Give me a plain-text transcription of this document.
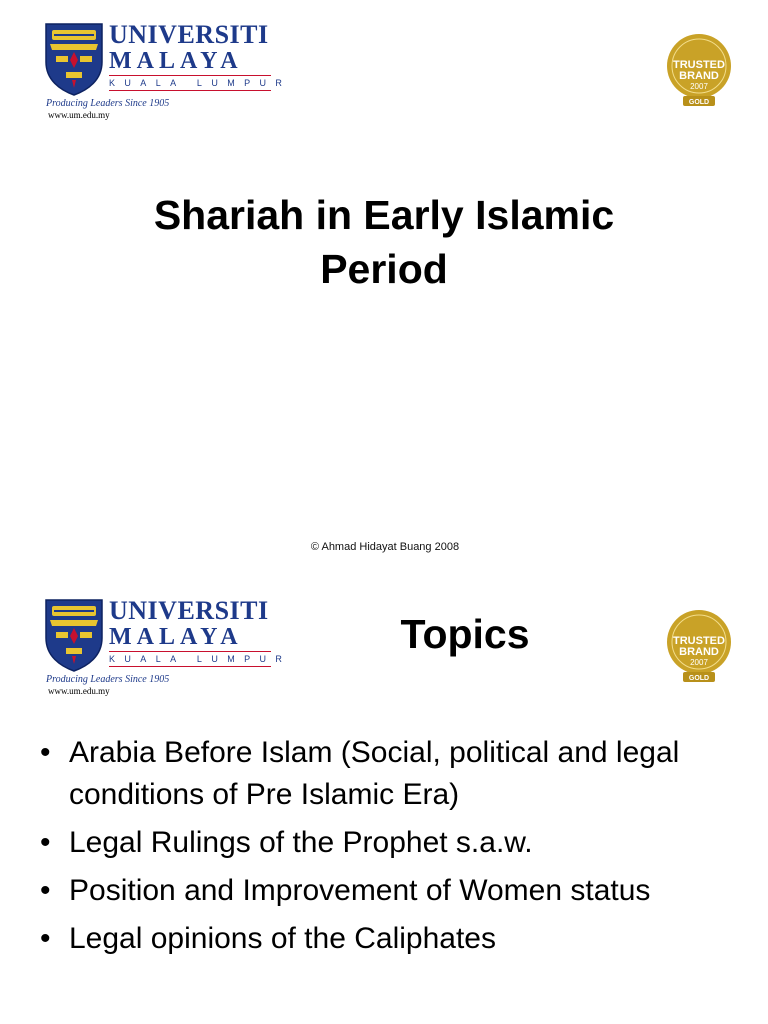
UNIVERSITI
MALAYA
KUALA LUMPUR
Producing Leaders Since 1905
www.um.edu.my
TRUSTED
BRAND
2007
GOLD
Shariah in Early Islamic
Period
© Ahmad Hidayat Buang 2008
UNIVERSITI
MALAYA
KUALA LUMPUR
Producing Leaders Since 1905
www.um.edu.my
TRUSTED
BRAND
2007
GOLD
Topics
• Arabia Before Islam (Social, political and legal conditions of Pre Islamic Era)
• Legal Rulings of the Prophet s.a.w.
• Position and Improvement of Women status
• Legal opinions of the Caliphates
